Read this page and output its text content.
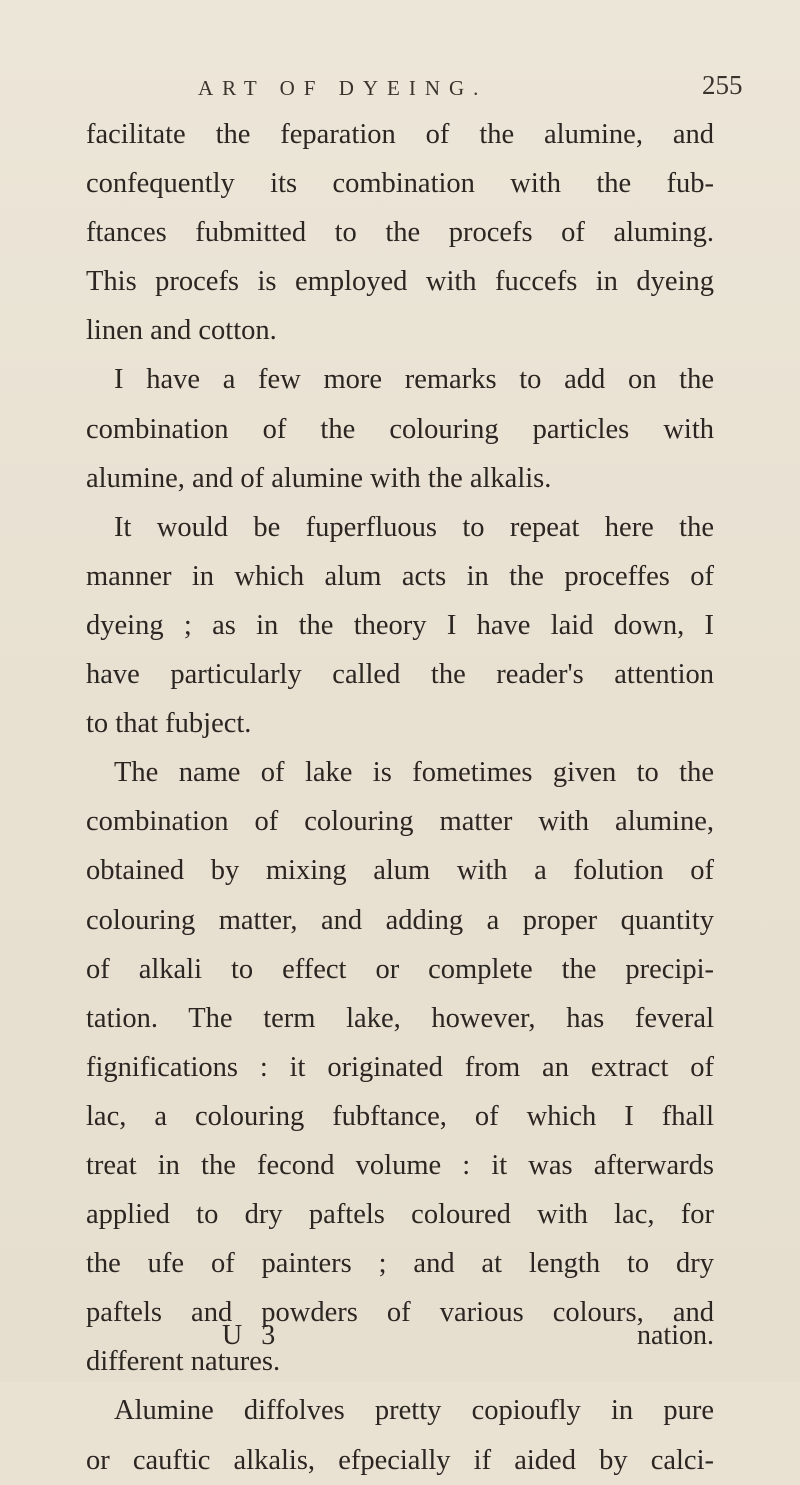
ART OF DYEING.	255
facilitate the feparation of the alumine, and
confequently its combination with the fub-
ftances fubmitted to the procefs of aluming.
This procefs is employed with fuccefs in dyeing
linen and cotton.
I have a few more remarks to add on the
combination of the colouring particles with
alumine, and of alumine with the alkalis.
It would be fuperfluous to repeat here the
manner in which alum acts in the proceffes of
dyeing ; as in the theory I have laid down, I
have particularly called the reader's attention
to that fubject.
The name of lake is fometimes given to the
combination of colouring matter with alumine,
obtained by mixing alum with a folution of
colouring matter, and adding a proper quantity
of alkali to effect or complete the precipi-
tation. The term lake, however, has feveral
fignifications : it originated from an extract of
lac, a colouring fubftance, of which I fhall
treat in the fecond volume : it was afterwards
applied to dry paftels coloured with lac, for
the ufe of painters ; and at length to dry
paftels and powders of various colours, and
different natures.
Alumine diffolves pretty copioufly in pure
or cauftic alkalis, efpecially if aided by calci-
U 3	nation.
